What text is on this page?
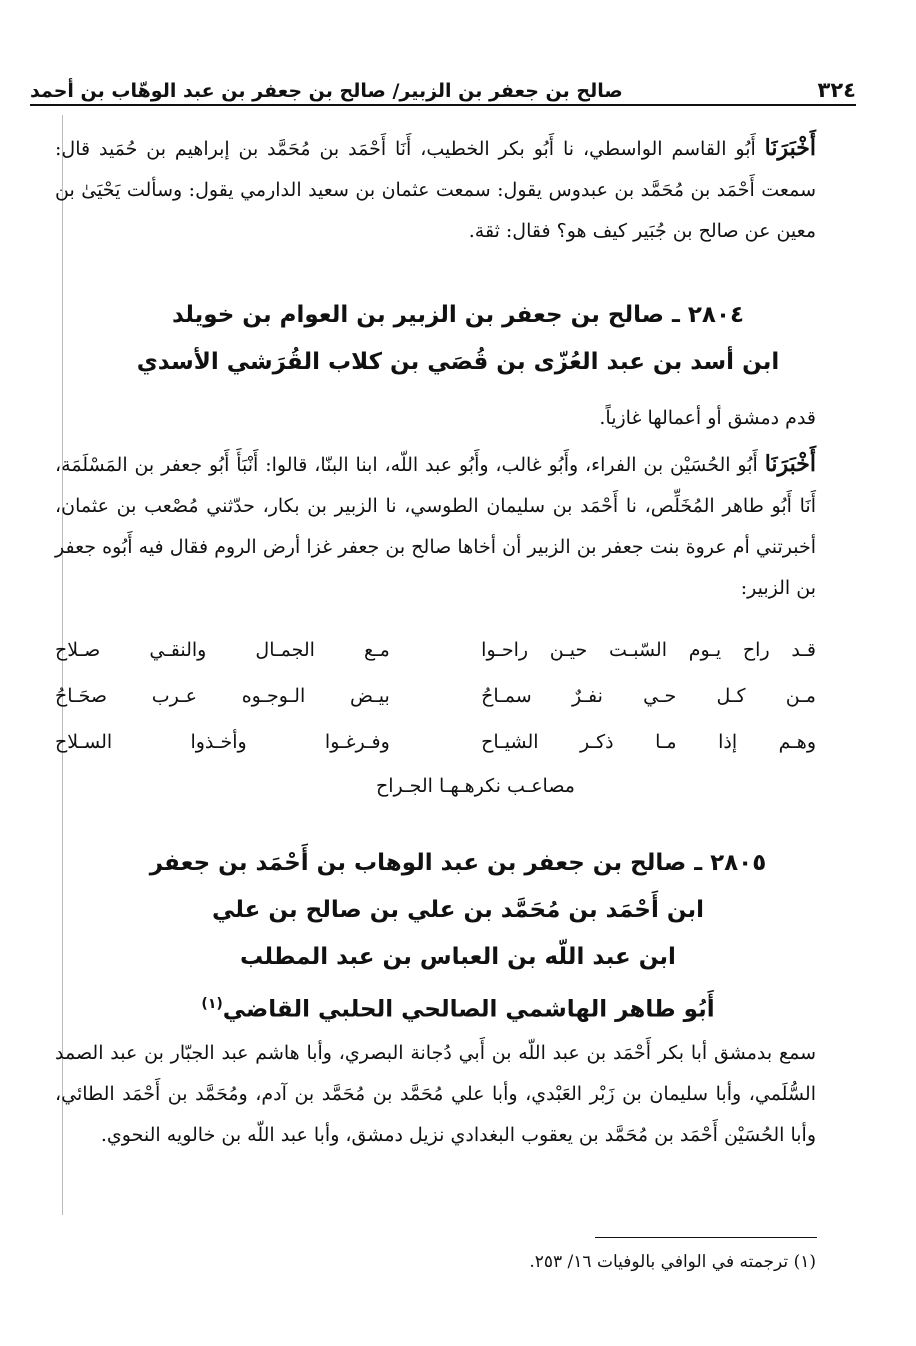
٣٢٤
صالح بن جعفر بن الزبير/ صالح بن جعفر بن عبد الوهّاب بن أحمد
أَخْبَرَنَا أَبُو القاسم الواسطي، نا أَبُو بكر الخطيب، أَنَا أَحْمَد بن مُحَمَّد بن إبراهيم بن حُمَيد قال: سمعت أَحْمَد بن مُحَمَّد بن عبدوس يقول: سمعت عثمان بن سعيد الدارمي يقول: وسألت يَحْيَىٰ بن معين عن صالح بن جُبَير كيف هو؟ فقال: ثقة.
٢٨٠٤ ـ صالح بن جعفر بن الزبير بن العوام بن خويلد
ابن أسد بن عبد العُزّى بن قُصَي بن كلاب القُرَشي الأسدي
قدم دمشق أو أعمالها غازياً.
أَخْبَرَنَا أَبُو الحُسَيْن بن الفراء، وأَبُو غالب، وأَبُو عبد اللّه، ابنا البنّا، قالوا: أَنْبَأَ أَبُو جعفر بن المَسْلَمَة، أَنَا أَبُو طاهر المُخَلِّص، نا أَحْمَد بن سليمان الطوسي، نا الزبير بن بكار، حدّثني مُصْعب بن عثمان، أخبرتني أم عروة بنت جعفر بن الزبير أن أخاها صالح بن جعفر غزا أرض الروم فقال فيه أَبُوه جعفر بن الزبير:
قـد راح يـوم السّبـت حيـن راحـوا
مـع الجمـال والنقـي صـلاح
مـن كـل حـي نفـرٌ سمـاحُ
بيـض الـوجـوه عـرب صحَـاحُ
وهـم إذا مـا ذكـر الشيـاح
وفـرغـوا وأخـذوا السـلاح
مصاعـب نكرهـهـا الجـراح
٢٨٠٥ ـ صالح بن جعفر بن عبد الوهاب بن أَحْمَد بن جعفر
ابن أَحْمَد بن مُحَمَّد بن علي بن صالح بن علي
ابن عبد اللّه بن العباس بن عبد المطلب
أَبُو طاهر الهاشمي الصالحي الحلبي القاضي$^{(١)}$
سمع بدمشق أبا بكر أَحْمَد بن عبد اللّه بن أَبي دُجانة البصري، وأبا هاشم عبد الجبّار بن عبد الصمد السُّلَمي، وأبا سليمان بن زَبْر العَبْدي، وأبا علي مُحَمَّد بن مُحَمَّد بن آدم، ومُحَمَّد بن أَحْمَد الطائي، وأبا الحُسَيْن أَحْمَد بن مُحَمَّد بن يعقوب البغدادي نزيل دمشق، وأبا عبد اللّه بن خالويه النحوي.
(١) ترجمته في الوافي بالوفيات ١٦/ ٢٥٣.
